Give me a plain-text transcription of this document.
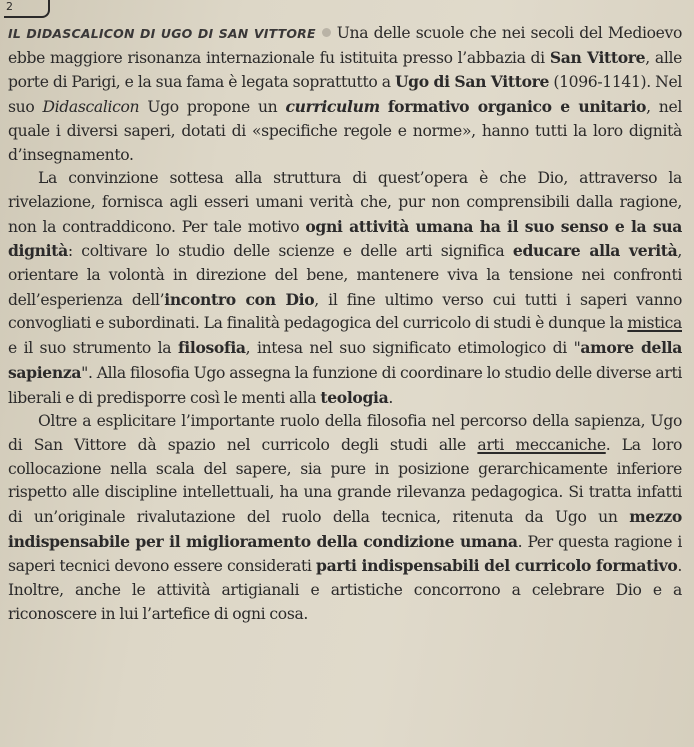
2

IL DIDASCALICON DI UGO DI SAN VITTORE Una delle scuole che nei secoli del Medioevo ebbe maggiore risonanza internazionale fu istituita presso l’abbazia di San Vittore, alle porte di Parigi, e la sua fama è legata soprattutto a Ugo di San Vittore (1096-1141). Nel suo Didascalicon Ugo propone un curriculum formativo organico e unitario, nel quale i diversi saperi, dotati di «specifiche regole e norme», hanno tutti la loro dignità d’insegnamento.

La convinzione sottesa alla struttura di quest’opera è che Dio, attraverso la rivelazione, fornisca agli esseri umani verità che, pur non comprensibili dalla ragione, non la contraddicono. Per tale motivo ogni attività umana ha il suo senso e la sua dignità: coltivare lo studio delle scienze e delle arti significa educare alla verità, orientare la volontà in direzione del bene, mantenere viva la tensione nei confronti dell’esperienza dell’incontro con Dio, il fine ultimo verso cui tutti i saperi vanno convogliati e subordinati. La finalità pedagogica del curricolo di studi è dunque la mistica e il suo strumento la filosofia, intesa nel suo significato etimologico di "amore della sapienza". Alla filosofia Ugo assegna la funzione di coordinare lo studio delle diverse arti liberali e di predisporre così le menti alla teologia.

Oltre a esplicitare l’importante ruolo della filosofia nel percorso della sapienza, Ugo di San Vittore dà spazio nel curricolo degli studi alle arti meccaniche. La loro collocazione nella scala del sapere, sia pure in posizione gerarchicamente inferiore rispetto alle discipline intellettuali, ha una grande rilevanza pedagogica. Si tratta infatti di un’originale rivalutazione del ruolo della tecnica, ritenuta da Ugo un mezzo indispensabile per il miglioramento della condizione umana. Per questa ragione i saperi tecnici devono essere considerati parti indispensabili del curricolo formativo. Inoltre, anche le attività artigianali e artistiche concorrono a celebrare Dio e a riconoscere in lui l’artefice di ogni cosa.
